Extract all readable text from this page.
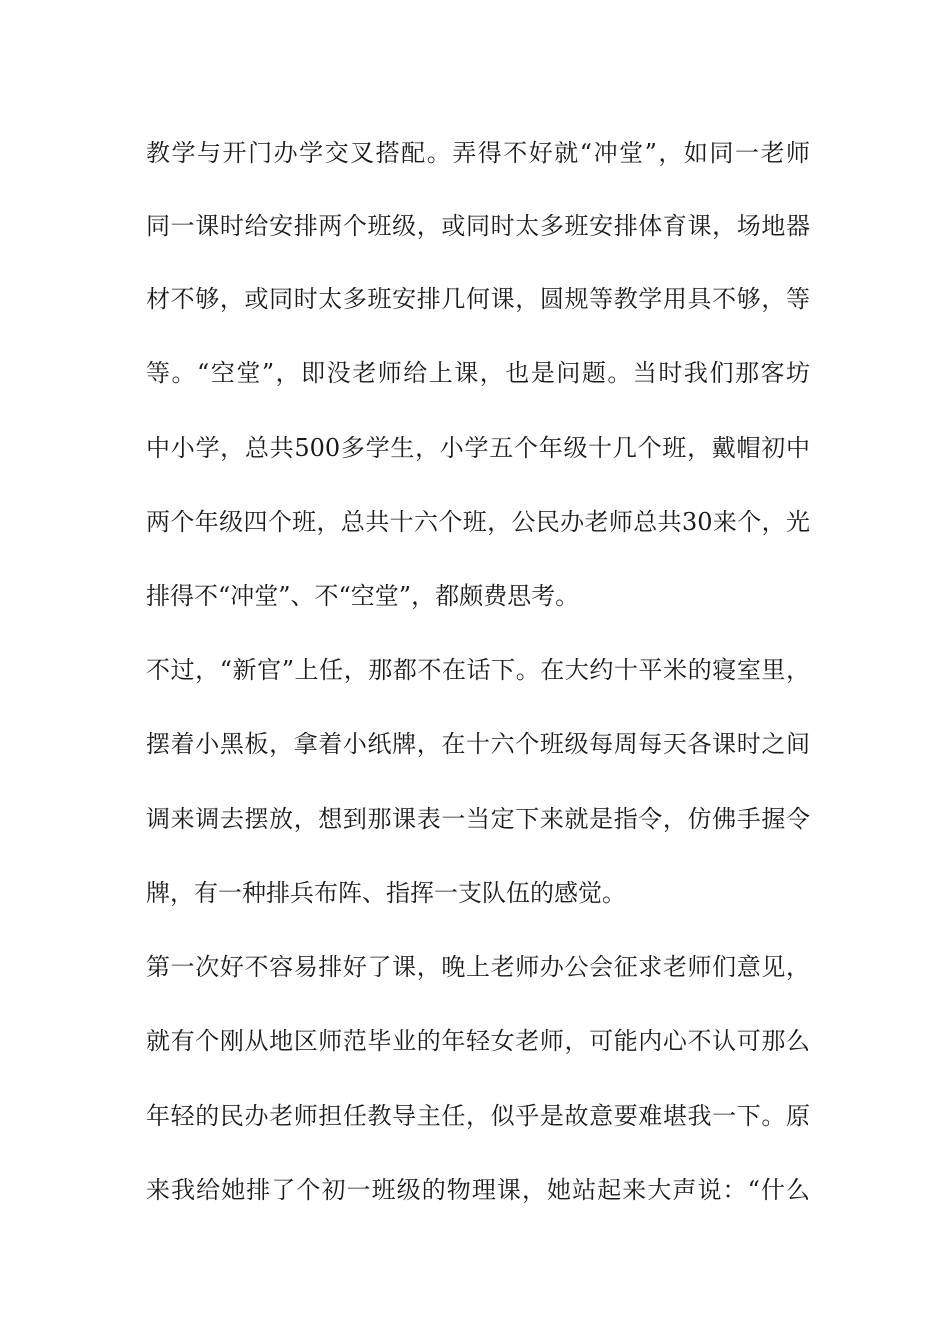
教学与开门办学交叉搭配。弄得不好就“冲堂”，如同一老师
同一课时给安排两个班级，或同时太多班安排体育课，场地器
材不够，或同时太多班安排几何课，圆规等教学用具不够，等
等。“空堂”，即没老师给上课，也是问题。当时我们那客坊
中小学，总共500多学生，小学五个年级十几个班，戴帽初中
两个年级四个班，总共十六个班，公民办老师总共30来个，光
排得不“冲堂”、不“空堂”，都颇费思考。
不过，“新官”上任，那都不在话下。在大约十平米的寝室里，
摆着小黑板，拿着小纸牌，在十六个班级每周每天各课时之间
调来调去摆放，想到那课表一当定下来就是指令，仿佛手握令
牌，有一种排兵布阵、指挥一支队伍的感觉。
第一次好不容易排好了课，晚上老师办公会征求老师们意见，
就有个刚从地区师范毕业的年轻女老师，可能内心不认可那么
年轻的民办老师担任教导主任，似乎是故意要难堪我一下。原
来我给她排了个初一班级的物理课，她站起来大声说：“什么
